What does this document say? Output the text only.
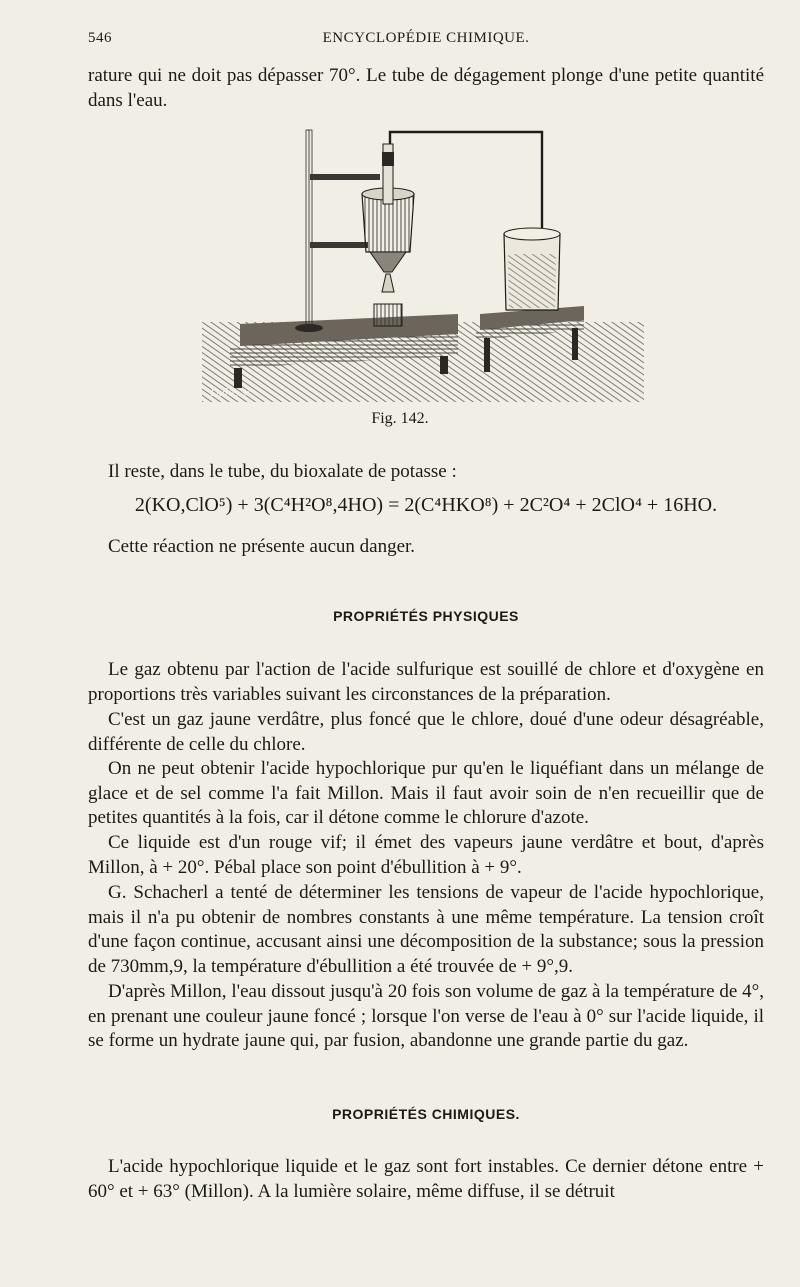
546	ENCYCLOPÉDIE CHIMIQUE.

rature qui ne doit pas dépasser 70°. Le tube de dégagement plonge d'une petite quantité dans l'eau.

Dulos sc.
Fig. 142.

Il reste, dans le tube, du bioxalate de potasse :

2(KO,ClO⁵) + 3(C⁴H²O⁸,4HO) = 2(C⁴HKO⁸) + 2C²O⁴ + 2ClO⁴ + 16HO.

Cette réaction ne présente aucun danger.

PROPRIÉTÉS PHYSIQUES

Le gaz obtenu par l'action de l'acide sulfurique est souillé de chlore et d'oxygène en proportions très variables suivant les circonstances de la préparation.

C'est un gaz jaune verdâtre, plus foncé que le chlore, doué d'une odeur désagréable, différente de celle du chlore.

On ne peut obtenir l'acide hypochlorique pur qu'en le liquéfiant dans un mélange de glace et de sel comme l'a fait Millon. Mais il faut avoir soin de n'en recueillir que de petites quantités à la fois, car il détone comme le chlorure d'azote.

Ce liquide est d'un rouge vif; il émet des vapeurs jaune verdâtre et bout, d'après Millon, à + 20°. Pébal place son point d'ébullition à + 9°.

G. Schacherl a tenté de déterminer les tensions de vapeur de l'acide hypochlorique, mais il n'a pu obtenir de nombres constants à une même température. La tension croît d'une façon continue, accusant ainsi une décomposition de la substance; sous la pression de 730mm,9, la température d'ébullition a été trouvée de + 9°,9.

D'après Millon, l'eau dissout jusqu'à 20 fois son volume de gaz à la température de 4°, en prenant une couleur jaune foncé ; lorsque l'on verse de l'eau à 0° sur l'acide liquide, il se forme un hydrate jaune qui, par fusion, abandonne une grande partie du gaz.

PROPRIÉTÉS CHIMIQUES.

L'acide hypochlorique liquide et le gaz sont fort instables. Ce dernier détone entre + 60° et + 63° (Millon). A la lumière solaire, même diffuse, il se détruit
